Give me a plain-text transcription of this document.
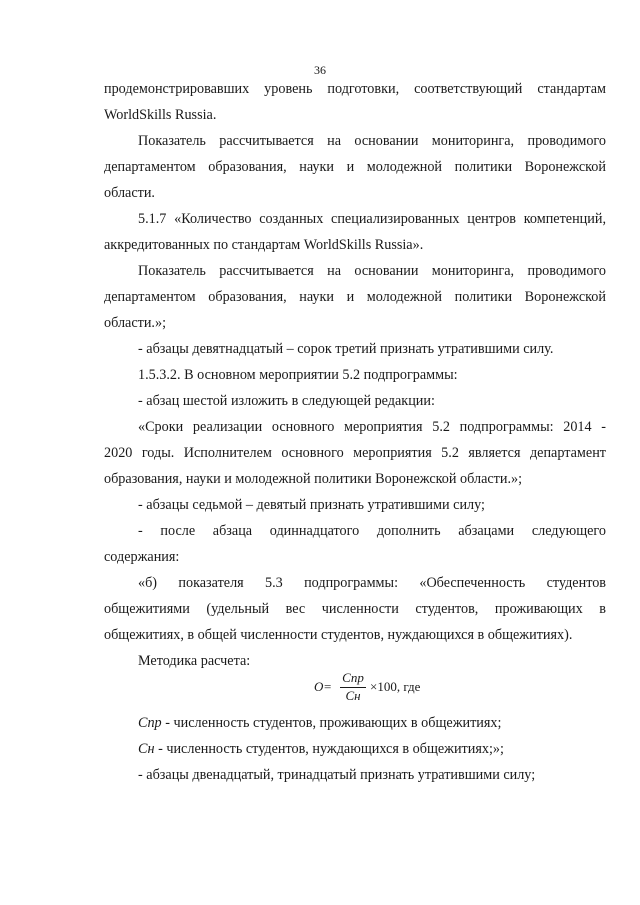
36
продемонстрировавших уровень подготовки, соответствующий стандартам
WorldSkills Russia.
Показатель рассчитывается на основании мониторинга, проводимого
департаментом образования, науки и молодежной политики Воронежской
области.
5.1.7 «Количество созданных специализированных центров компетенций,
аккредитованных по стандартам WorldSkills Russia».
Показатель рассчитывается на основании мониторинга, проводимого
департаментом образования, науки и молодежной политики Воронежской
области.»;
- абзацы девятнадцатый – сорок третий признать утратившими силу.
1.5.3.2. В основном мероприятии 5.2 подпрограммы:
- абзац шестой изложить в следующей редакции:
«Сроки реализации основного мероприятия 5.2 подпрограммы: 2014 -
2020 годы. Исполнителем основного мероприятия 5.2 является департамент
образования, науки и молодежной политики Воронежской области.»;
- абзацы седьмой – девятый признать утратившими силу;
- после абзаца одиннадцатого дополнить абзацами следующего
содержания:
«б) показателя 5.3 подпрограммы: «Обеспеченность студентов
общежитиями (удельный вес численности студентов, проживающих в
общежитиях, в общей численности студентов, нуждающихся в общежитиях).
Методика расчета:
О =
Спр
Сн
×100, где
Спр - численность студентов, проживающих в общежитиях;
Сн - численность студентов, нуждающихся в общежитиях;»;
- абзацы двенадцатый, тринадцатый признать утратившими силу;
